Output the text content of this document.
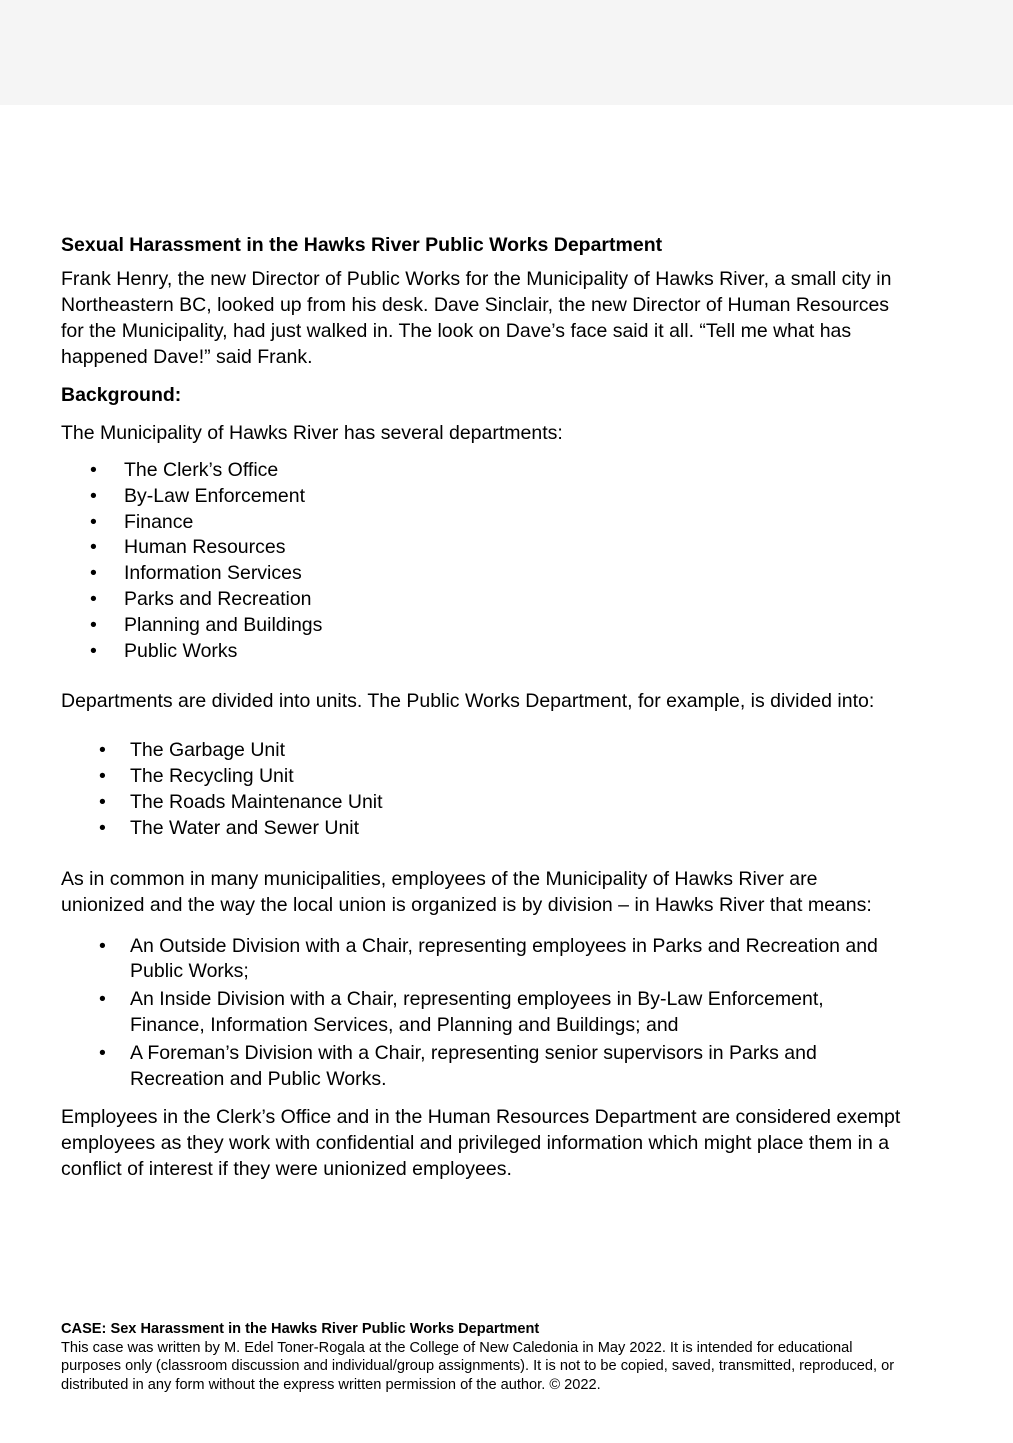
Sexual Harassment in the Hawks River Public Works Department

Frank Henry, the new Director of Public Works for the Municipality of Hawks River, a small city in Northeastern BC, looked up from his desk. Dave Sinclair, the new Director of Human Resources for the Municipality, had just walked in. The look on Dave’s face said it all. “Tell me what has happened Dave!” said Frank.

Background:

The Municipality of Hawks River has several departments:

• The Clerk’s Office
• By-Law Enforcement
• Finance
• Human Resources
• Information Services
• Parks and Recreation
• Planning and Buildings
• Public Works

Departments are divided into units. The Public Works Department, for example, is divided into:

• The Garbage Unit
• The Recycling Unit
• The Roads Maintenance Unit
• The Water and Sewer Unit

As in common in many municipalities, employees of the Municipality of Hawks River are unionized and the way the local union is organized is by division – in Hawks River that means:

• An Outside Division with a Chair, representing employees in Parks and Recreation and Public Works;
• An Inside Division with a Chair, representing employees in By-Law Enforcement, Finance, Information Services, and Planning and Buildings; and
• A Foreman’s Division with a Chair, representing senior supervisors in Parks and Recreation and Public Works.

Employees in the Clerk’s Office and in the Human Resources Department are considered exempt employees as they work with confidential and privileged information which might place them in a conflict of interest if they were unionized employees.

CASE: Sex Harassment in the Hawks River Public Works Department
This case was written by M. Edel Toner-Rogala at the College of New Caledonia in May 2022. It is intended for educational purposes only (classroom discussion and individual/group assignments). It is not to be copied, saved, transmitted, reproduced, or distributed in any form without the express written permission of the author. © 2022.
